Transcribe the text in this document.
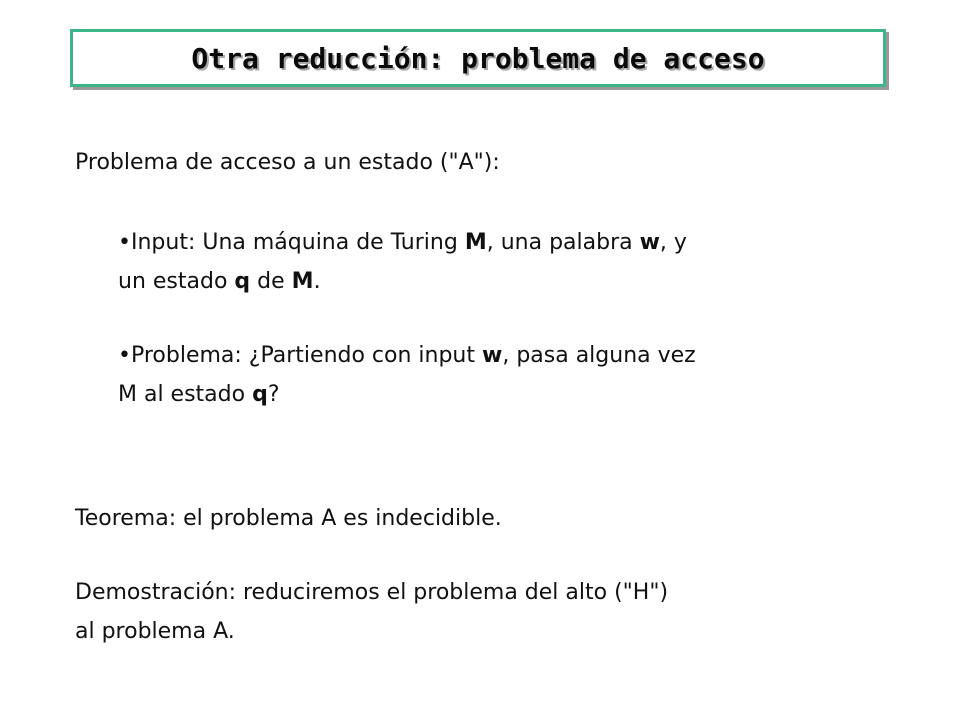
Otra reducción: problema de acceso
Problema de acceso a un estado ("A"):
•Input: Una máquina de Turing M, una palabra w, y
un estado q de M.
•Problema: ¿Partiendo con input w, pasa alguna vez
M al estado q?
Teorema: el problema A es indecidible.
Demostración: reduciremos el problema del alto ("H")
al problema A.
